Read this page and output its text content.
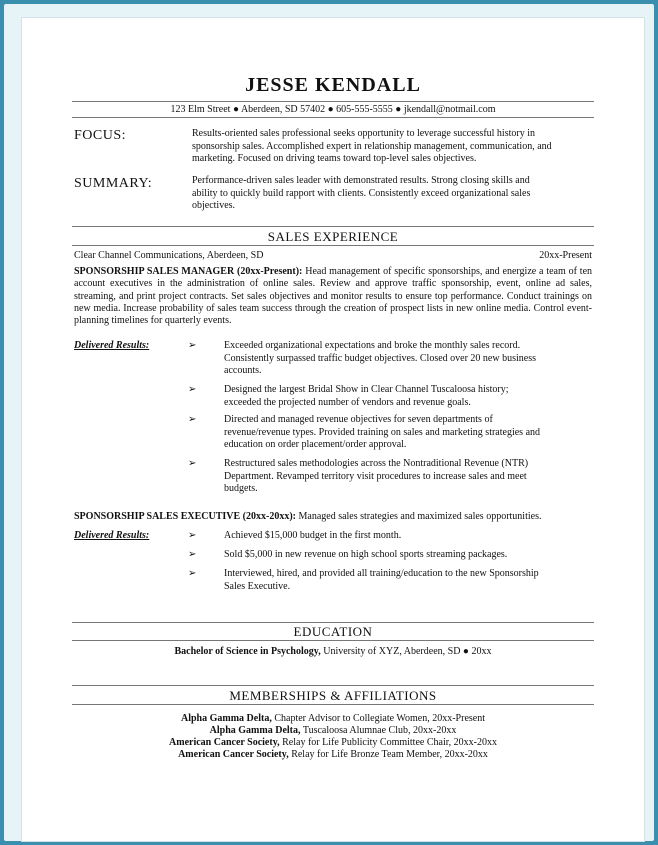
JESSE KENDALL
123 Elm Street ● Aberdeen, SD 57402 ● 605-555-5555 ● jkendall@notmail.com
FOCUS:	Results-oriented sales professional seeks opportunity to leverage successful history in
sponsorship sales. Accomplished expert in relationship management, communication, and
marketing. Focused on driving teams toward top-level sales objectives.
SUMMARY:	Performance-driven sales leader with demonstrated results. Strong closing skills and
ability to quickly build rapport with clients. Consistently exceed organizational sales
objectives.
SALES EXPERIENCE
Clear Channel Communications, Aberdeen, SD	20xx-Present
SPONSORSHIP SALES MANAGER (20xx-Present): Head management of specific sponsorships, and energize a team of ten account executives in the administration of online sales. Review and approve traffic sponsorship, event, online ad sales, streaming, and print project contracts. Set sales objectives and monitor results to ensure top performance. Conduct trainings on new media. Increase probability of sales team success through the creation of prospect lists in new online media. Control event-planning timelines for quarterly events.
Delivered Results:	➢	Exceeded organizational expectations and broke the monthly sales record.
Consistently surpassed traffic budget objectives. Closed over 20 new business
accounts.
➢	Designed the largest Bridal Show in Clear Channel Tuscaloosa history;
exceeded the projected number of vendors and revenue goals.
➢	Directed and managed revenue objectives for seven departments of
revenue/revenue types. Provided training on sales and marketing strategies and
education on order placement/order approval.
➢	Restructured sales methodologies across the Nontraditional Revenue (NTR)
Department. Revamped territory visit procedures to increase sales and meet
budgets.
SPONSORSHIP SALES EXECUTIVE (20xx-20xx): Managed sales strategies and maximized sales opportunities.
Delivered Results:	➢	Achieved $15,000 budget in the first month.
➢	Sold $5,000 in new revenue on high school sports streaming packages.
➢	Interviewed, hired, and provided all training/education to the new Sponsorship
Sales Executive.
EDUCATION
Bachelor of Science in Psychology, University of XYZ, Aberdeen, SD ● 20xx
MEMBERSHIPS & AFFILIATIONS
Alpha Gamma Delta, Chapter Advisor to Collegiate Women, 20xx-Present
Alpha Gamma Delta, Tuscaloosa Alumnae Club, 20xx-20xx
American Cancer Society, Relay for Life Publicity Committee Chair, 20xx-20xx
American Cancer Society, Relay for Life Bronze Team Member, 20xx-20xx
